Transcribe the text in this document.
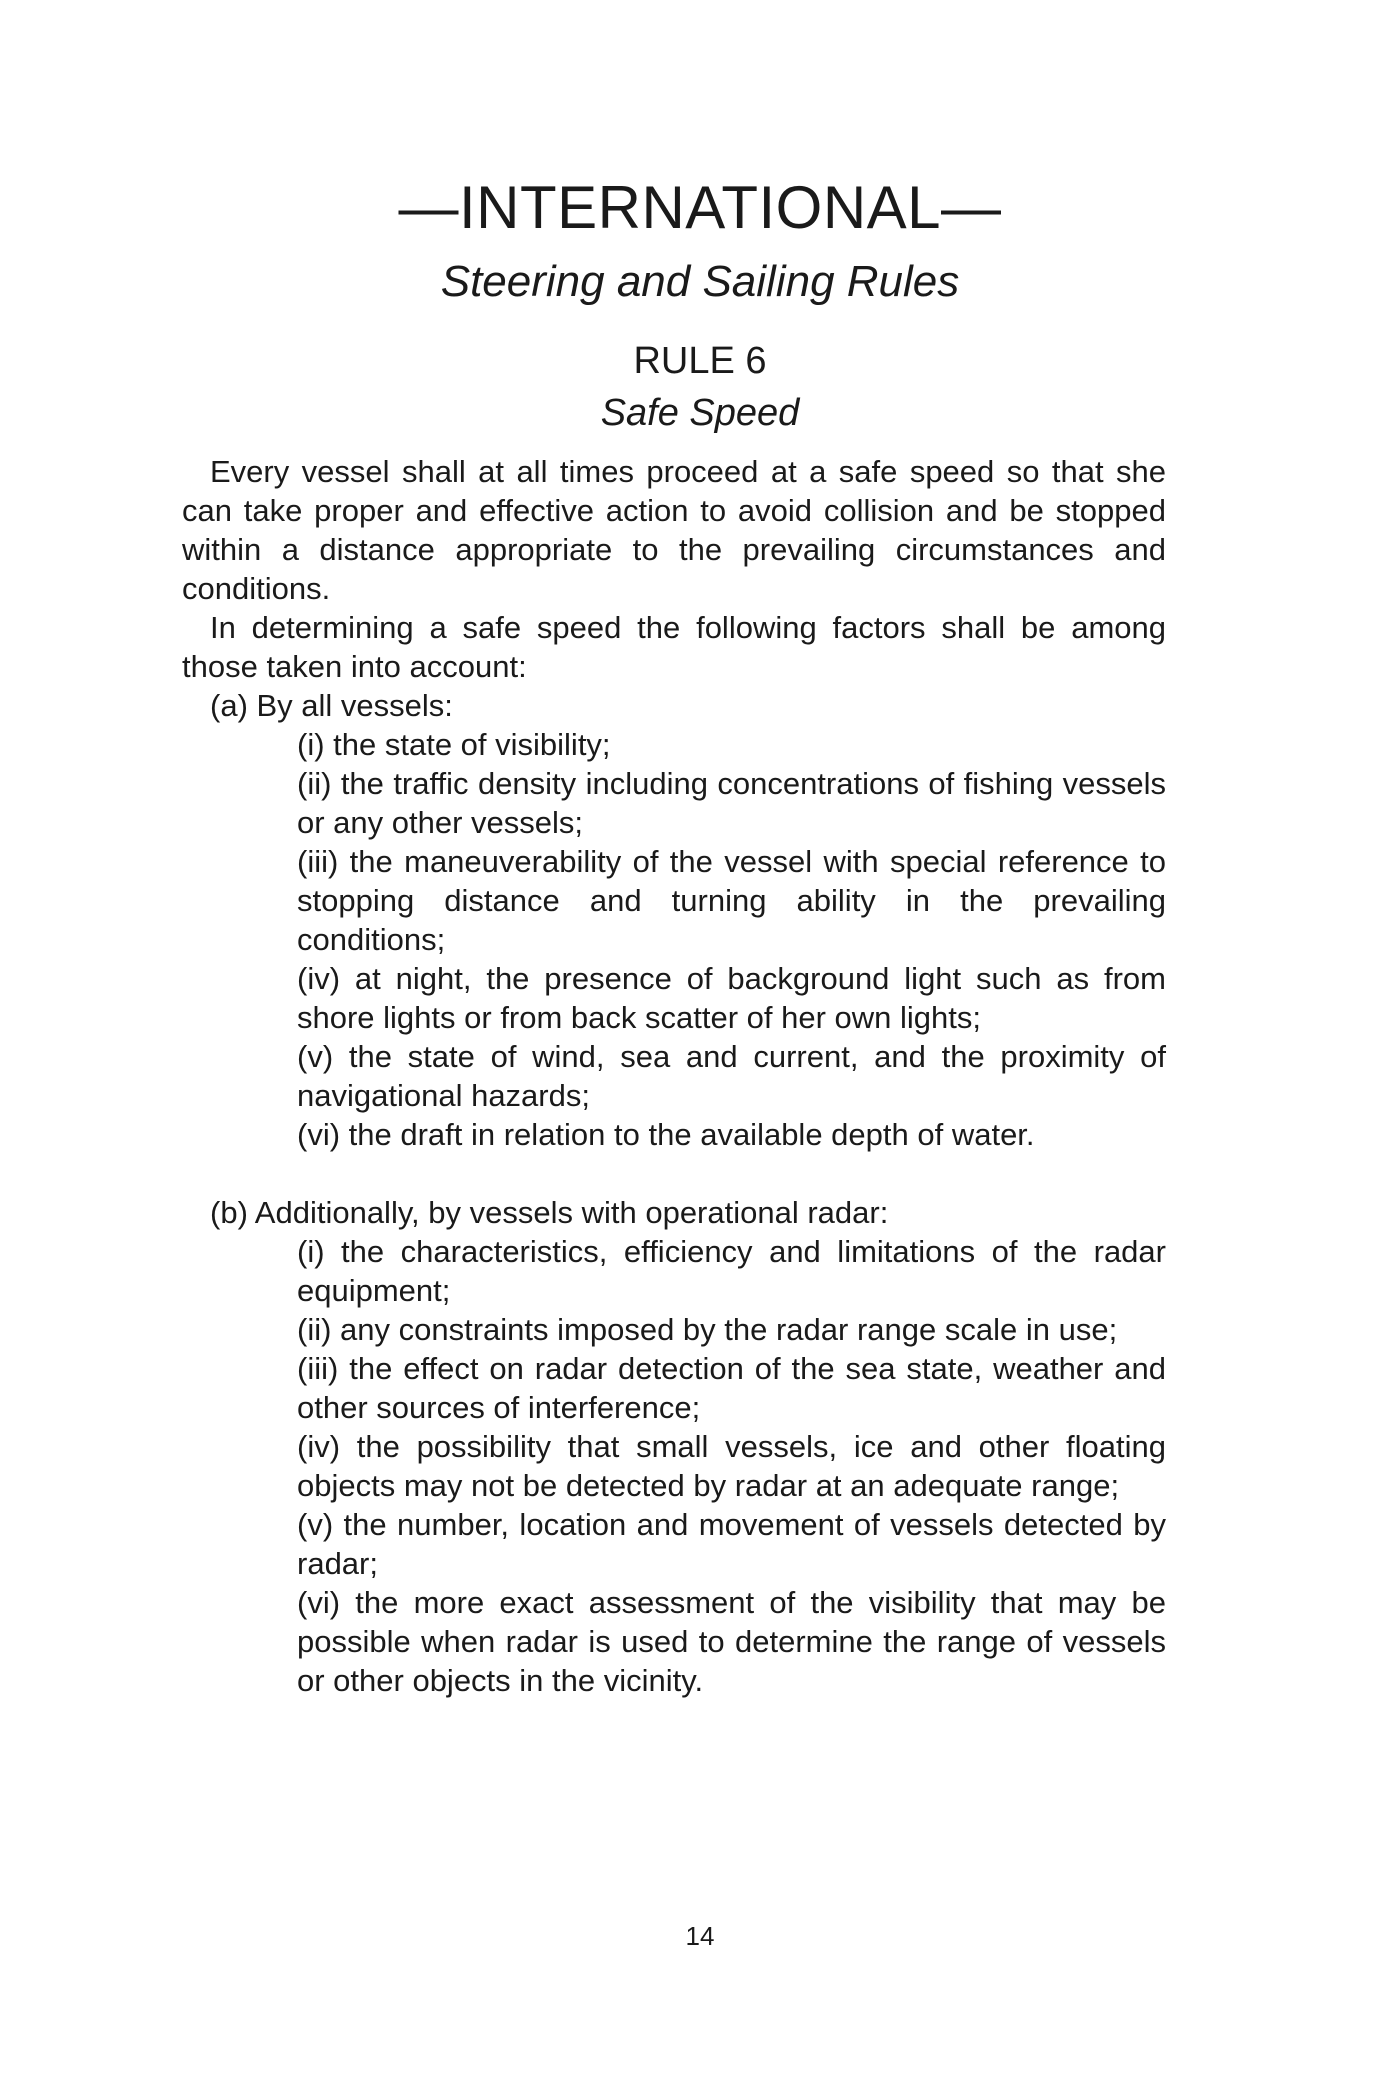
—INTERNATIONAL—
Steering and Sailing Rules
RULE 6
Safe Speed

Every vessel shall at all times proceed at a safe speed so that she can take proper and effective action to avoid collision and be stopped within a distance appropriate to the prevailing circumstances and conditions.

In determining a safe speed the following factors shall be among those taken into account:

(a) By all vessels:

(i) the state of visibility;
(ii) the traffic density including concentrations of fishing vessels or any other vessels;
(iii) the maneuverability of the vessel with special reference to stopping distance and turning ability in the prevailing conditions;
(iv) at night, the presence of background light such as from shore lights or from back scatter of her own lights;
(v) the state of wind, sea and current, and the proximity of navigational hazards;
(vi) the draft in relation to the available depth of water.

(b) Additionally, by vessels with operational radar:

(i) the characteristics, efficiency and limitations of the radar equipment;
(ii) any constraints imposed by the radar range scale in use;
(iii) the effect on radar detection of the sea state, weather and other sources of interference;
(iv) the possibility that small vessels, ice and other floating objects may not be detected by radar at an adequate range;
(v) the number, location and movement of vessels detected by radar;
(vi) the more exact assessment of the visibility that may be possible when radar is used to determine the range of vessels or other objects in the vicinity.
14
